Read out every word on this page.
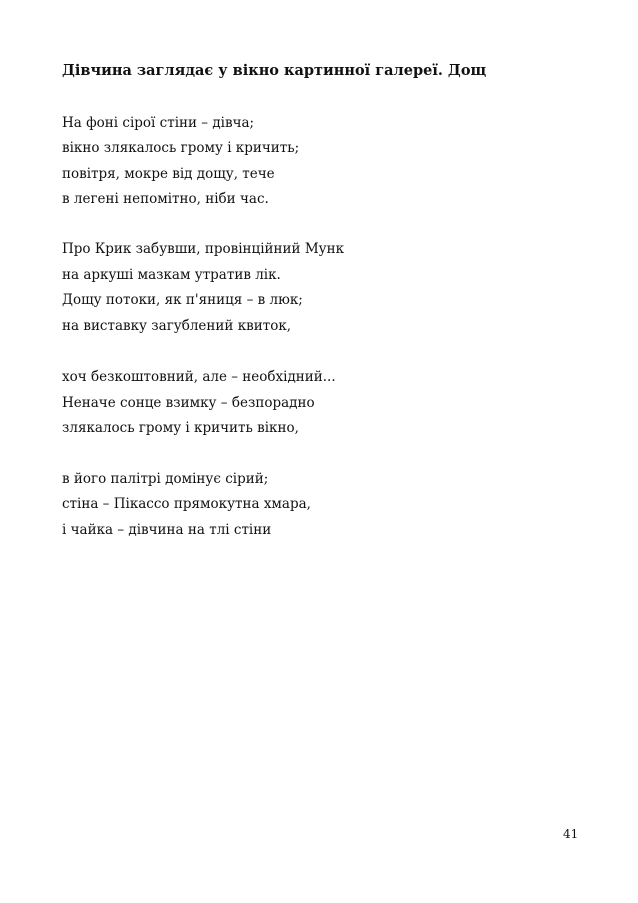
Дівчина заглядає у вікно картинної галереї. Дощ
На фоні сірої стіни – дівча;
вікно злякалось грому і кричить;
повітря, мокре від дощу, тече
в легені непомітно, ніби час.
Про Крик забувши, провінційний Мунк
на аркуші мазкам утратив лік.
Дощу потоки, як п'яниця – в люк;
на виставку загублений квиток,
хоч безкоштовний, але – необхідний...
Неначе сонце взимку – безпорадно
злякалось грому і кричить вікно,
в його палітрі домінує сірий;
стіна – Пікассо прямокутна хмара,
і чайка – дівчина на тлі стіни
41
